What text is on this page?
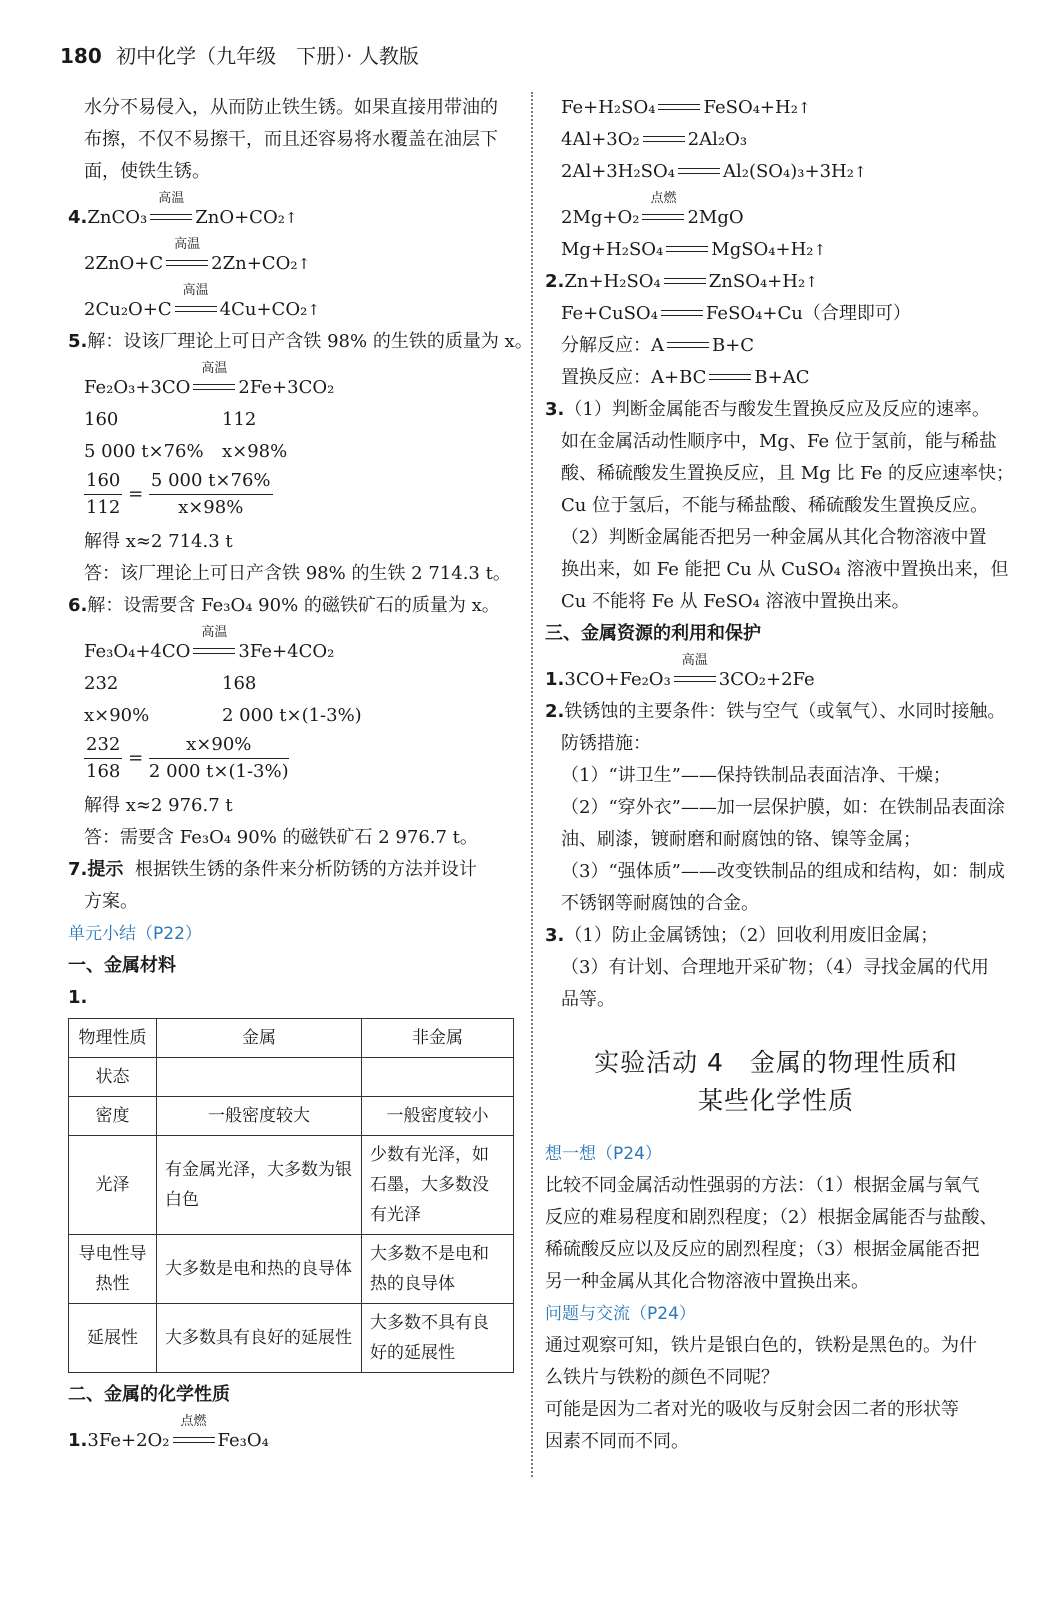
180 初中化学（九年级　下册）· 人教版
水分不易侵入，从而防止铁生锈。如果直接用带油的
布擦，不仅不易擦干，而且还容易将水覆盖在油层下
面，使铁生锈。
4.ZnCO₃
高温
ZnO+CO₂↑
2ZnO+C
高温
2Zn+CO₂↑
2Cu₂O+C
高温
4Cu+CO₂↑
5.解：设该厂理论上可日产含铁 98% 的生铁的质量为 x。
Fe₂O₃+3CO
高温
2Fe+3CO₂
160	112
5 000 t×76% x×98%
$\frac{160}{112} = \frac{5 000 t\times 76\%}{x\times 98\%}$
解得 x≈2 714.3 t
答：该厂理论上可日产含铁 98% 的生铁 2 714.3 t。
6.解：设需要含 Fe₃O₄ 90% 的磁铁矿石的质量为 x。
Fe₃O₄+4CO
高温
3Fe+4CO₂
232	168
x×90%	2 000 t×(1-3%)
$\frac{232}{168} = \frac{x\times 90\%}{2 000 t\times(1-3\%)}$
解得 x≈2 976.7 t
答：需要含 Fe₃O₄ 90% 的磁铁矿石 2 976.7 t。
7.提示 根据铁生锈的条件来分析防锈的方法并设计
方案。
单元小结（P22）
一、金属材料
1.
物理性质	金属	非金属
状态		
密度	一般密度较大	一般密度较小
光泽	有金属光泽，大多数为银白色	少数有光泽，如石墨，大多数没有光泽
导电性导热性	大多数是电和热的良导体	大多数不是电和热的良导体
延展性	大多数具有良好的延展性	大多数不具有良好的延展性
二、金属的化学性质
1.3Fe+2O₂
点燃
Fe₃O₄
Fe+H₂SO₄	FeSO₄+H₂↑
4Al+3O₂	2Al₂O₃
2Al+3H₂SO₄	Al₂(SO₄)₃+3H₂↑
2Mg+O₂
点燃
2MgO
Mg+H₂SO₄	MgSO₄+H₂↑
2.Zn+H₂SO₄	ZnSO₄+H₂↑
Fe+CuSO₄	FeSO₄+Cu（合理即可）
分解反应：A	B+C
置换反应：A+BC	B+AC
3.（1）判断金属能否与酸发生置换反应及反应的速率。
如在金属活动性顺序中，Mg、Fe 位于氢前，能与稀盐
酸、稀硫酸发生置换反应，且 Mg 比 Fe 的反应速率快；
Cu 位于氢后，不能与稀盐酸、稀硫酸发生置换反应。
（2）判断金属能否把另一种金属从其化合物溶液中置
换出来，如 Fe 能把 Cu 从 CuSO₄ 溶液中置换出来，但
Cu 不能将 Fe 从 FeSO₄ 溶液中置换出来。
三、金属资源的利用和保护
1.3CO+Fe₂O₃
高温
3CO₂+2Fe
2.铁锈蚀的主要条件：铁与空气（或氧气）、水同时接触。
防锈措施：
（1）“讲卫生”——保持铁制品表面洁净、干燥；
（2）“穿外衣”——加一层保护膜，如：在铁制品表面涂
油、刷漆，镀耐磨和耐腐蚀的铬、镍等金属；
（3）“强体质”——改变铁制品的组成和结构，如：制成
不锈钢等耐腐蚀的合金。
3.（1）防止金属锈蚀；（2）回收利用废旧金属；
（3）有计划、合理地开采矿物；（4）寻找金属的代用
品等。
实验活动 4　金属的物理性质和
某些化学性质
想一想（P24）
比较不同金属活动性强弱的方法：（1）根据金属与氧气
反应的难易程度和剧烈程度；（2）根据金属能否与盐酸、
稀硫酸反应以及反应的剧烈程度；（3）根据金属能否把
另一种金属从其化合物溶液中置换出来。
问题与交流（P24）
通过观察可知，铁片是银白色的，铁粉是黑色的。为什
么铁片与铁粉的颜色不同呢？
可能是因为二者对光的吸收与反射会因二者的形状等
因素不同而不同。
